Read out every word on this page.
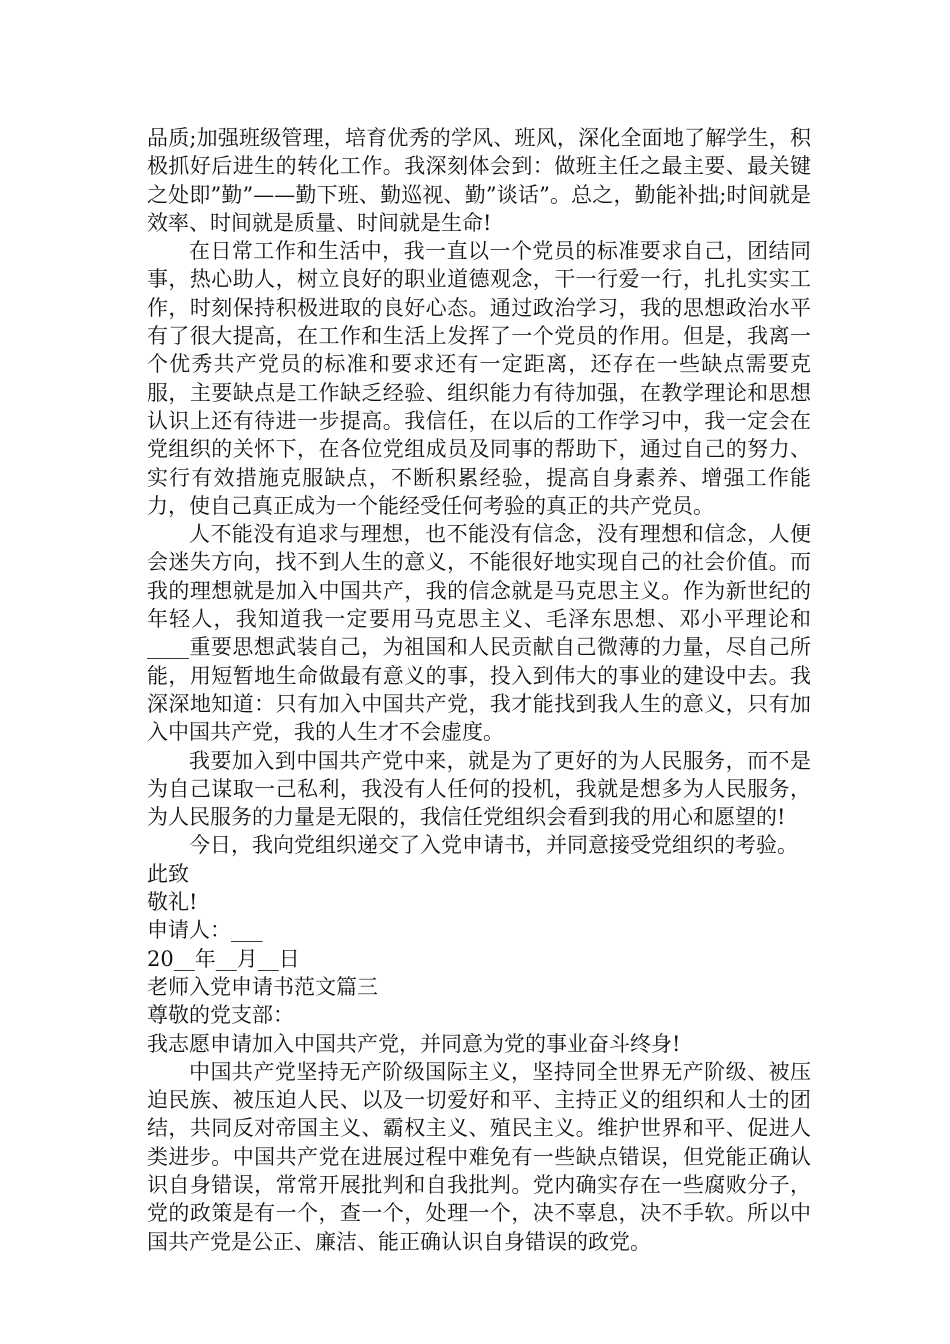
品质;加强班级管理，培育优秀的学风、班风，深化全面地了解学生，积极抓好后进生的转化工作。我深刻体会到：做班主任之最主要、最关键之处即”勤”——勤下班、勤巡视、勤”谈话”。总之，勤能补拙;时间就是效率、时间就是质量、时间就是生命!

在日常工作和生活中，我一直以一个党员的标准要求自己，团结同事，热心助人，树立良好的职业道德观念，干一行爱一行，扎扎实实工作，时刻保持积极进取的良好心态。通过政治学习，我的思想政治水平有了很大提高，在工作和生活上发挥了一个党员的作用。但是，我离一个优秀共产党员的标准和要求还有一定距离，还存在一些缺点需要克服，主要缺点是工作缺乏经验、组织能力有待加强，在教学理论和思想认识上还有待进一步提高。我信任，在以后的工作学习中，我一定会在党组织的关怀下，在各位党组成员及同事的帮助下，通过自己的努力、实行有效措施克服缺点，不断积累经验，提高自身素养、增强工作能力，使自己真正成为一个能经受任何考验的真正的共产党员。

人不能没有追求与理想，也不能没有信念，没有理想和信念，人便会迷失方向，找不到人生的意义，不能很好地实现自己的社会价值。而我的理想就是加入中国共产，我的信念就是马克思主义。作为新世纪的年轻人，我知道我一定要用马克思主义、毛泽东思想、邓小平理论和____重要思想武装自己，为祖国和人民贡献自己微薄的力量，尽自己所能，用短暂地生命做最有意义的事，投入到伟大的事业的建设中去。我深深地知道：只有加入中国共产党，我才能找到我人生的意义，只有加入中国共产党，我的人生才不会虚度。

我要加入到中国共产党中来，就是为了更好的为人民服务，而不是为自己谋取一己私利，我没有人任何的投机，我就是想多为人民服务，为人民服务的力量是无限的，我信任党组织会看到我的用心和愿望的!

今日，我向党组织递交了入党申请书，并同意接受党组织的考验。

此致

敬礼!

申请人：___

20__年__月__日

老师入党申请书范文篇三

尊敬的党支部：

我志愿申请加入中国共产党，并同意为党的事业奋斗终身!

中国共产党坚持无产阶级国际主义，坚持同全世界无产阶级、被压迫民族、被压迫人民、以及一切爱好和平、主持正义的组织和人士的团结，共同反对帝国主义、霸权主义、殖民主义。维护世界和平、促进人类进步。中国共产党在进展过程中难免有一些缺点错误，但党能正确认识自身错误，常常开展批判和自我批判。党内确实存在一些腐败分子，党的政策是有一个，查一个，处理一个，决不辜息，决不手软。所以中国共产党是公正、廉洁、能正确认识自身错误的政党。
